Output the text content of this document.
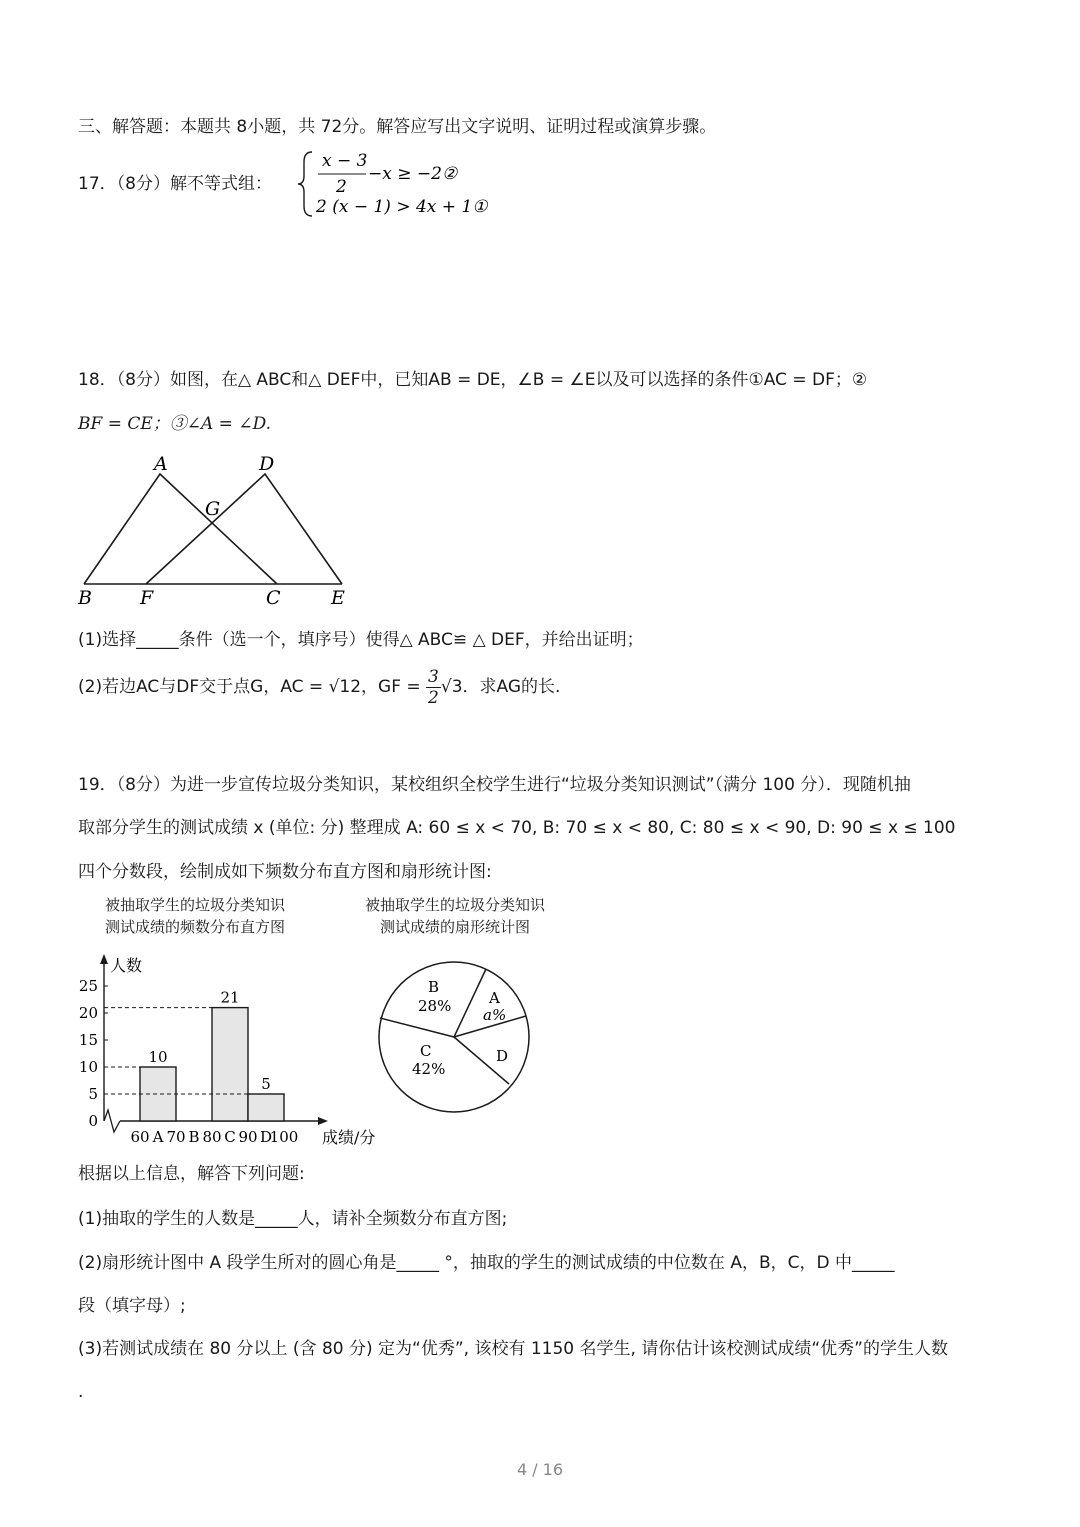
三、解答题：本题共 8小题，共 72分。解答应写出文字说明、证明过程或演算步骤。
17．（8分）解不等式组：
x − 3
2
−x ≥ −2②
2 (x − 1) > 4x + 1①
18．（8分）如图，在△ ABC和△ DEF中，已知AB = DE，∠B = ∠E以及可以选择的条件①AC = DF；②
BF = CE；③∠A = ∠D.
A	D
G
B	F	C	E
(1)选择_____条件（选一个，填序号）使得△ ABC≌ △ DEF，并给出证明；
(2)若边AC与DF交于点G，AC = √12，GF = $\frac{3}{2} √3$．求AG的长.
19．（8分）为进一步宣传垃圾分类知识，某校组织全校学生进行“垃圾分类知识测试”（满分 100 分）．现随机抽
取部分学生的测试成绩 x (单位: 分) 整理成 A: 60 ≤ x < 70, B: 70 ≤ x < 80, C: 80 ≤ x < 90, D: 90 ≤ x ≤ 100
四个分数段，绘制成如下频数分布直方图和扇形统计图:
被抽取学生的垃圾分类知识
测试成绩的频数分布直方图
被抽取学生的垃圾分类知识
测试成绩的扇形统计图
人数
成绩/分
0
5
10
15
20
25
10
21
5
60 A 70 B 80 C 90 D
100
B
28%	A
a%
C
42%
D
根据以上信息，解答下列问题:
(1)抽取的学生的人数是_____人，请补全频数分布直方图;
(2)扇形统计图中 A 段学生所对的圆心角是_____ °，抽取的学生的测试成绩的中位数在 A，B，C，D 中_____
段（填字母）;
(3)若测试成绩在 80 分以上 (含 80 分) 定为“优秀”, 该校有 1150 名学生, 请你估计该校测试成绩“优秀”的学生人数
.
4 / 16
